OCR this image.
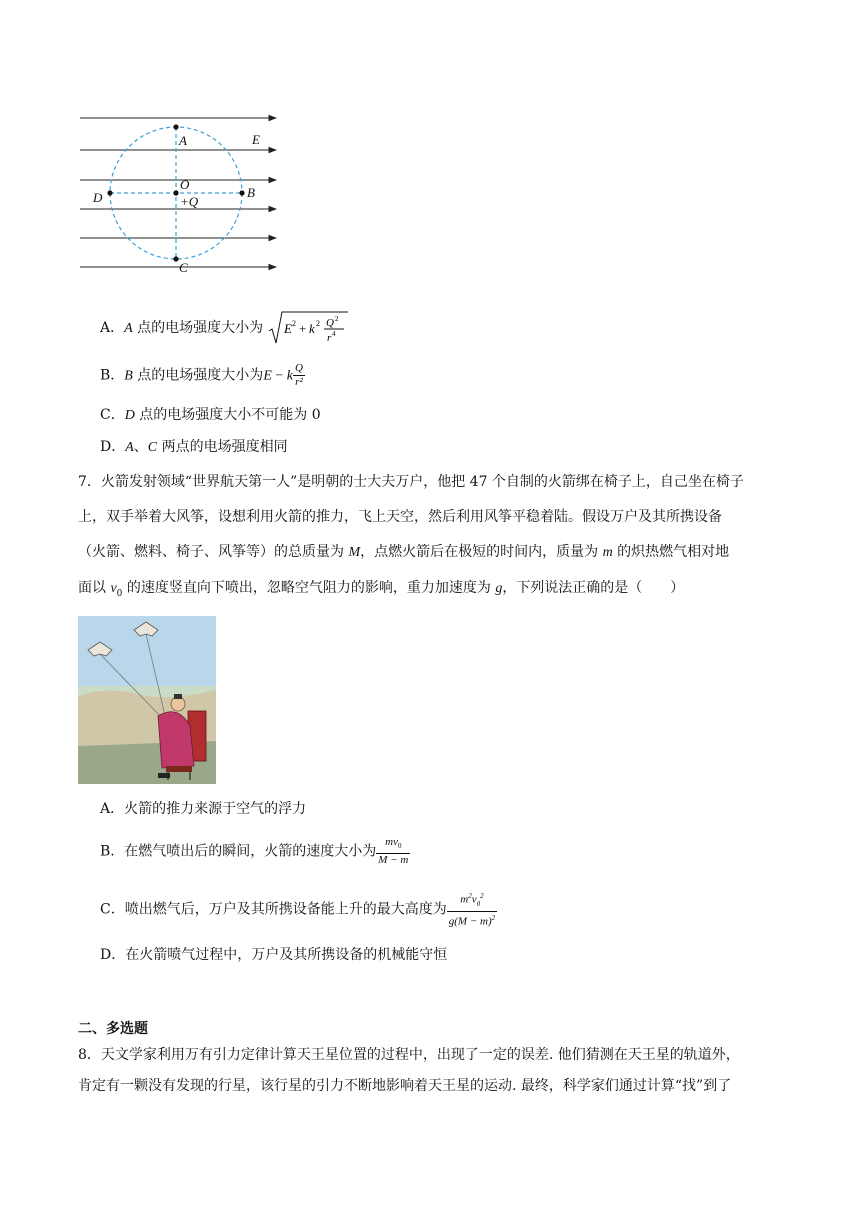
A
B
C
D
O
+Q
E
A．A 点的电场强度大小为 E 2 + k 2 Q 2
r 4
B．B 点的电场强度大小为E − k $\frac{Q}{\text{r²}}$
C．D 点的电场强度大小不可能为 0
D．A、C 两点的电场强度相同
7．火箭发射领域“世界航天第一人”是明朝的士大夫万户，他把 47 个自制的火箭绑在椅子上，自己坐在椅子
上，双手举着大风筝，设想利用火箭的推力，飞上天空，然后利用风筝平稳着陆。假设万户及其所携设备
（火箭、燃料、椅子、风筝等）的总质量为 M，点燃火箭后在极短的时间内，质量为 m 的炽热燃气相对地
面以 $v_0$ 的速度竖直向下喷出，忽略空气阻力的影响，重力加速度为 g，下列说法正确的是（　　）
A．火箭的推力来源于空气的浮力
B．在燃气喷出后的瞬间，火箭的速度大小为 $\frac{mv_0}{M - m}$
C．喷出燃气后，万户及其所携设备能上升的最大高度为 $\frac{m^2v_0^2}{g(M - m)^2}$
D．在火箭喷气过程中，万户及其所携设备的机械能守恒
二、多选题
8．天文学家利用万有引力定律计算天王星位置的过程中，出现了一定的误差. 他们猜测在天王星的轨道外，
肯定有一颗没有发现的行星，该行星的引力不断地影响着天王星的运动. 最终，科学家们通过计算“找”到了
